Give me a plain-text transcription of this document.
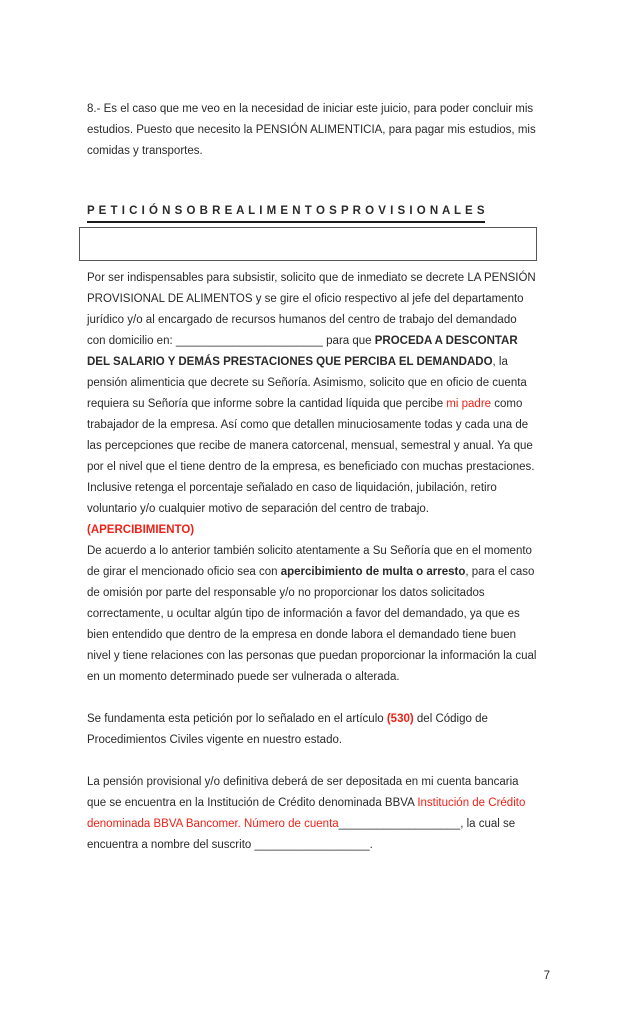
8.- Es el caso que me veo en la necesidad de iniciar este juicio, para poder concluir mis estudios. Puesto que necesito la PENSIÓN ALIMENTICIA, para pagar mis estudios, mis comidas y transportes.

P E T I C I Ó N S O B R E A L I M E N T O S P R O V I S I O N A L E S

Por ser indispensables para subsistir, solicito que de inmediato se decrete LA PENSIÓN PROVISIONAL DE ALIMENTOS y se gire el oficio respectivo al jefe del departamento jurídico y/o al encargado de recursos humanos del centro de trabajo del demandado con domicilio en: _______________________ para que PROCEDA A DESCONTAR DEL SALARIO Y DEMÁS PRESTACIONES QUE PERCIBA EL DEMANDADO, la pensión alimenticia que decrete su Señoría. Asimismo, solicito que en oficio de cuenta requiera su Señoría que informe sobre la cantidad líquida que percibe mi padre como trabajador de la empresa. Así como que detallen minuciosamente todas y cada una de las percepciones que recibe de manera catorcenal, mensual, semestral y anual. Ya que por el nivel que el tiene dentro de la empresa, es beneficiado con muchas prestaciones. Inclusive retenga el porcentaje señalado en caso de liquidación, jubilación, retiro voluntario y/o cualquier motivo de separación del centro de trabajo.

(APERCIBIMIENTO)

De acuerdo a lo anterior también solicito atentamente a Su Señoría que en el momento de girar el mencionado oficio sea con apercibimiento de multa o arresto, para el caso de omisión por parte del responsable y/o no proporcionar los datos solicitados correctamente, u ocultar algún tipo de información a favor del demandado, ya que es bien entendido que dentro de la empresa en donde labora el demandado tiene buen nivel y tiene relaciones con las personas que puedan proporcionar la información la cual en un momento determinado puede ser vulnerada o alterada.

Se fundamenta esta petición por lo señalado en el artículo (530) del Código de Procedimientos Civiles vigente en nuestro estado.

La pensión provisional y/o definitiva deberá de ser depositada en mi cuenta bancaria que se encuentra en la Institución de Crédito denominada BBVA Institución de Crédito denominada BBVA Bancomer. Número de cuenta___________________, la cual se encuentra a nombre del suscrito __________________.

7
